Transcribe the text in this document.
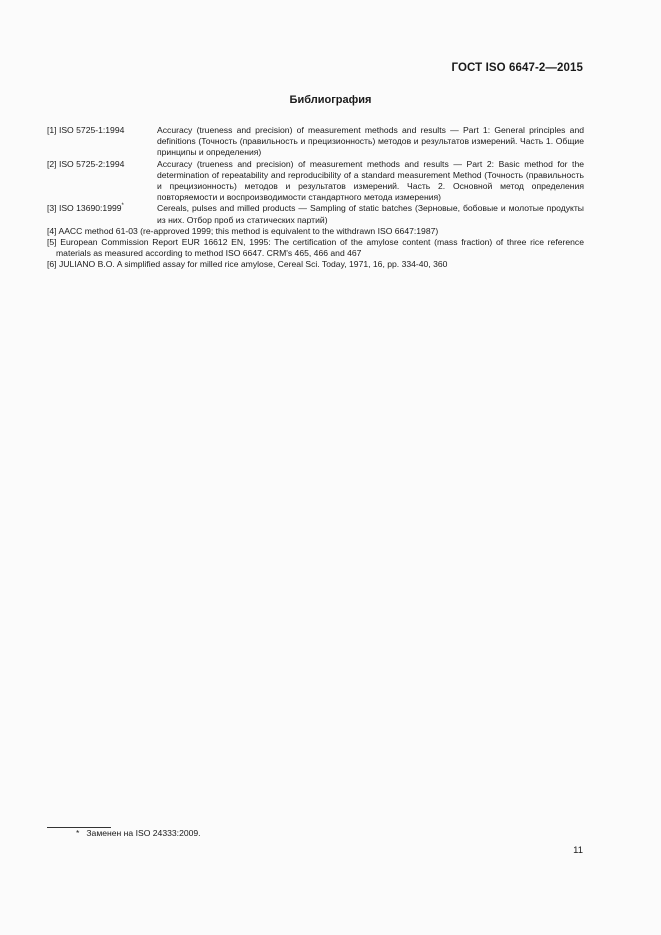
ГОСТ ISO 6647-2—2015
Библиография
[1] ISO 5725-1:1994	Accuracy (trueness and precision) of measurement methods and results — Part 1: General principles and definitions (Точность (правильность и прецизионность) методов и результатов измерений. Часть 1. Общие принципы и определения)
[2] ISO 5725-2:1994	Accuracy (trueness and precision) of measurement methods and results — Part 2: Basic method for the determination of repeatability and reproducibility of a standard measurement Method (Точность (правильность и прецизионность) методов и результатов измерений. Часть 2. Основной метод определения повторяемости и воспроизводимости стандартного метода измерения)
[3] ISO 13690:1999*	Cereals, pulses and milled products — Sampling of static batches (Зерновые, бобовые и молотые продукты из них. Отбор проб из статических партий)
[4] AACC method 61-03 (re-approved 1999; this method is equivalent to the withdrawn ISO 6647:1987)
[5] European Commission Report EUR 16612 EN, 1995: The certification of the amylose content (mass fraction) of three rice reference materials as measured according to method ISO 6647. CRM's 465, 466 and 467
[6] JULIANO B.O. A simplified assay for milled rice amylose, Cereal Sci. Today, 1971, 16, pp. 334-40, 360
* Заменен на ISO 24333:2009.
11
